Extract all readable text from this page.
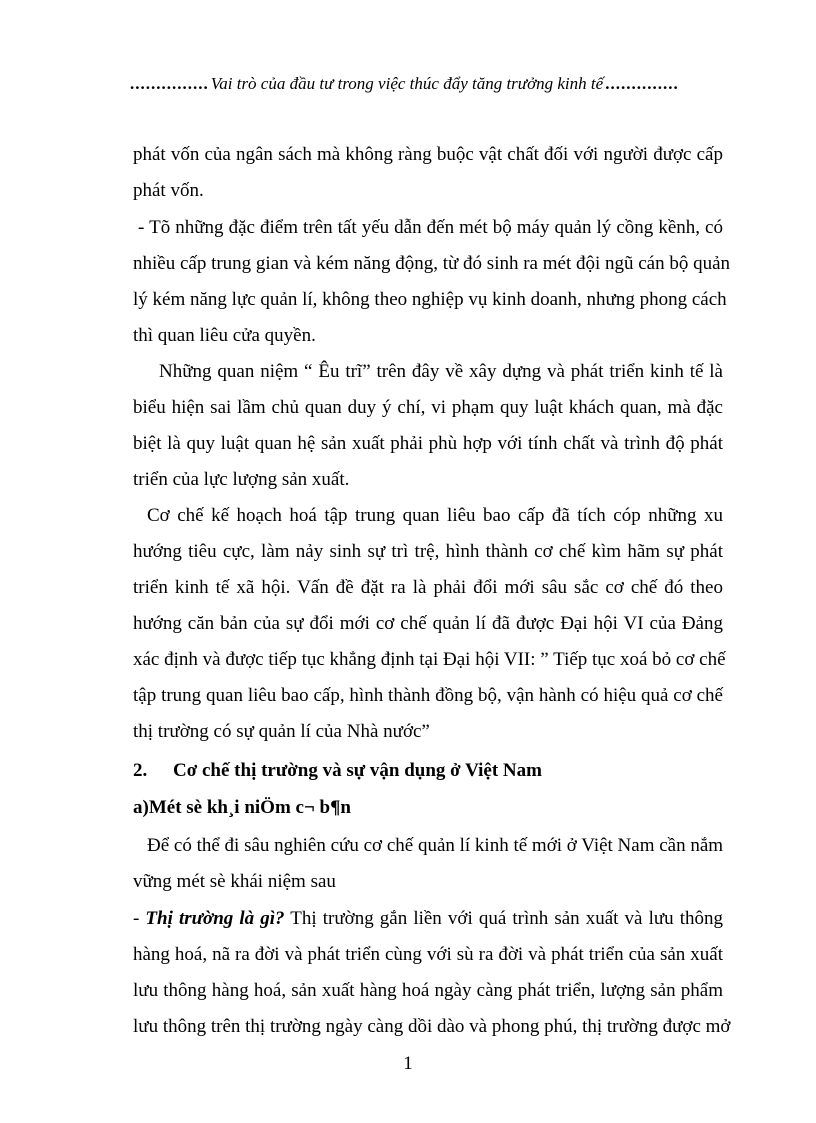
............... Vai trò của đầu tư trong việc thúc đẩy tăng trưởng kinh tế ..............
phát vốn của ngân sách mà không ràng buộc vật chất đối với người được cấp
phát vốn.
- Tõ những đặc điểm trên tất yếu dẫn đến mét bộ máy quản lý cồng kềnh, có
nhiều cấp trung gian và kém năng động, từ đó sinh ra mét đội ngũ cán bộ quản
lý kém năng lực quản lí, không theo nghiệp vụ kinh doanh, nhưng phong cách
thì quan liêu cửa quyền.
Những quan niệm “ Êu trĩ” trên đây về xây dựng và phát triển kinh tế là
biểu hiện sai lầm chủ quan duy ý chí, vi phạm quy luật khách quan, mà đặc
biệt là quy luật quan hệ sản xuất phải phù hợp với tính chất và trình độ phát
triển của lực lượng sản xuất.
Cơ chế kế hoạch hoá tập trung quan liêu bao cấp đã tích cóp những xu
hướng tiêu cực, làm nảy sinh sự trì trệ, hình thành cơ chế kìm hãm sự phát
triển kinh tế xã hội. Vấn đề đặt ra là phải đổi mới sâu sắc cơ chế đó theo
hướng căn bản của sự đổi mới cơ chế quản lí đã được Đại hội VI của Đảng
xác định và được tiếp tục khẳng định tại Đại hội VII: ” Tiếp tục xoá bỏ cơ chế
tập trung quan liêu bao cấp, hình thành đồng bộ, vận hành có hiệu quả cơ chế
thị trường có sự quản lí của Nhà nước”
2. Cơ chế thị trường và sự vận dụng ở Việt Nam
a)Mét sè kh¸i niÖm c¬ b¶n
Để có thể đi sâu nghiên cứu cơ chế quản lí kinh tế mới ở Việt Nam cần nắm
vững mét sè khái niệm sau
- Thị trường là gì? Thị trường gắn liền với quá trình sản xuất và lưu thông
hàng hoá, nã ra đời và phát triển cùng với sù ra đời và phát triển của sản xuất
lưu thông hàng hoá, sản xuất hàng hoá ngày càng phát triển, lượng sản phẩm
lưu thông trên thị trường ngày càng dồi dào và phong phú, thị trường được mở
1
